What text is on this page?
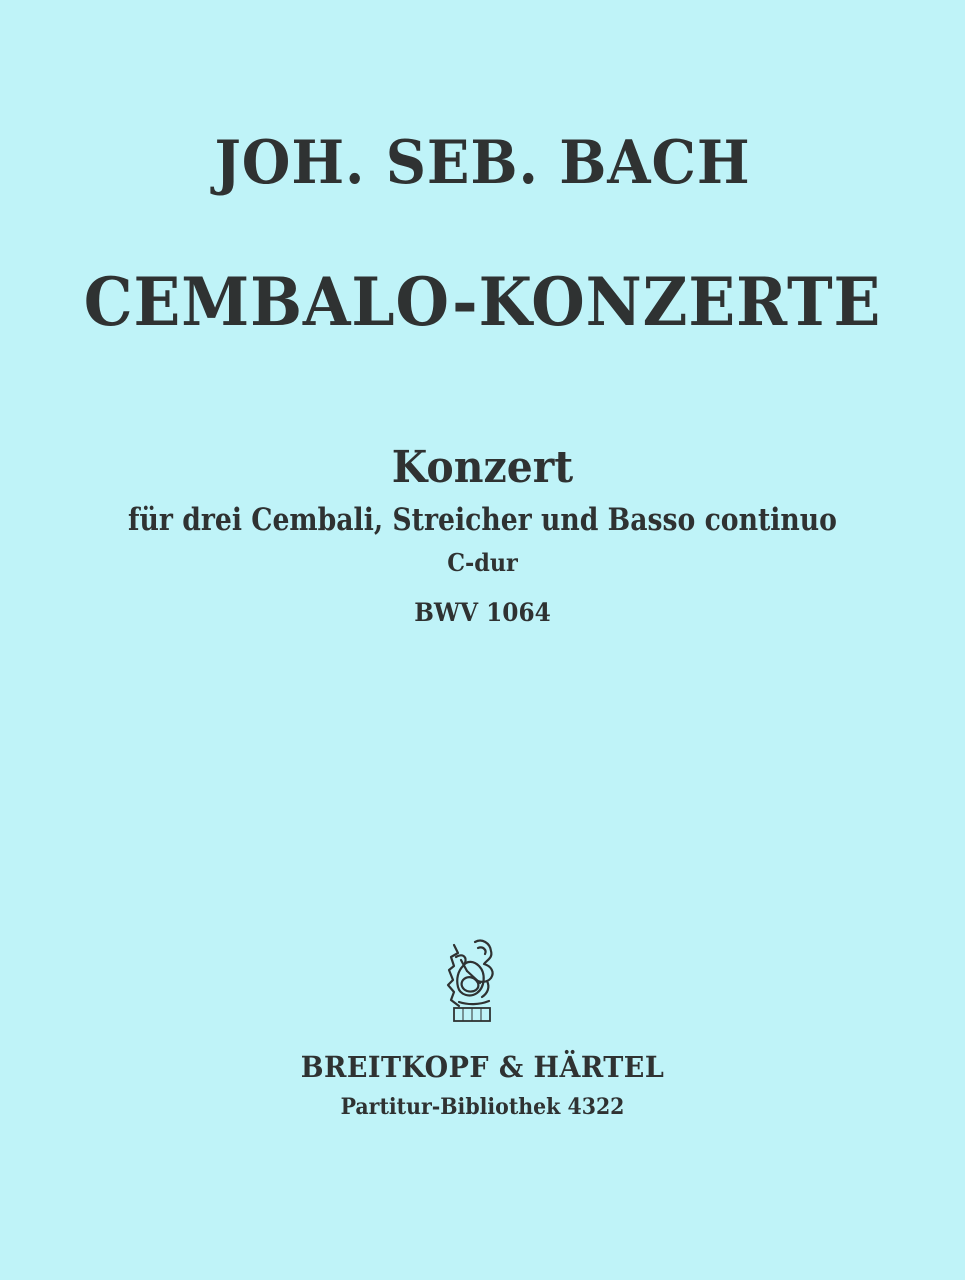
JOH. SEB. BACH
CEMBALO-KONZERTE
Konzert
für drei Cembali, Streicher und Basso continuo
C-dur
BWV 1064
BREITKOPF & HÄRTEL
Partitur-Bibliothek 4322
